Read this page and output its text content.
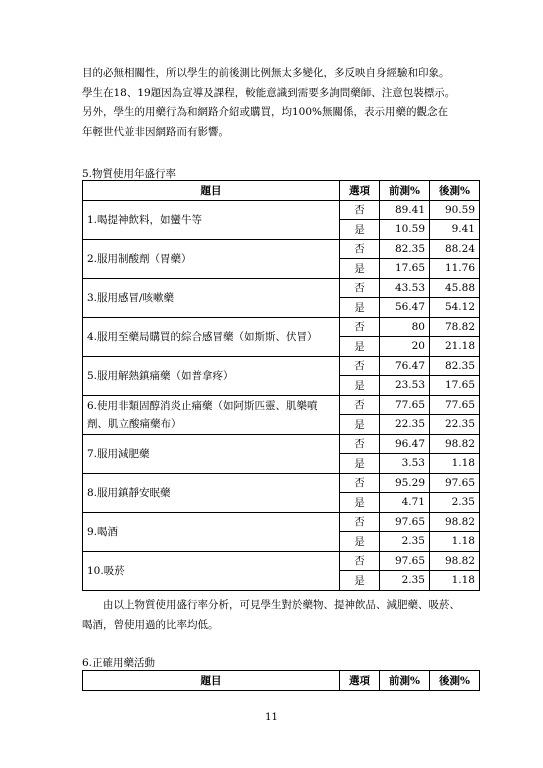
目的必無相關性，所以學生的前後測比例無太多變化，多反映自身經驗和印象。

學生在18、19題因為宣導及課程，較能意識到需要多詢問藥師、注意包裝標示。

另外，學生的用藥行為和網路介紹或購買，均100%無關係，表示用藥的觀念在

年輕世代並非因網路而有影響。

5.物質使用年盛行率
題目	選項	前測%	後測%
1.喝提神飲料，如蠻牛等	否	89.41	90.59
	是	10.59	9.41
2.服用制酸劑（胃藥）	否	82.35	88.24
	是	17.65	11.76
3.服用感冒/咳嗽藥	否	43.53	45.88
	是	56.47	54.12
4.服用至藥局購買的綜合感冒藥（如斯斯、伏冒）	否	80	78.82
	是	20	21.18
5.服用解熱鎮痛藥（如普拿疼）	否	76.47	82.35
	是	23.53	17.65
6.使用非類固醇消炎止痛藥（如阿斯匹靈、肌樂噴劑、肌立酸痛藥布）	否	77.65	77.65
	是	22.35	22.35
7.服用減肥藥	否	96.47	98.82
	是	3.53	1.18
8.服用鎮靜安眠藥	否	95.29	97.65
	是	4.71	2.35
9.喝酒	否	97.65	98.82
	是	2.35	1.18
10.吸菸	否	97.65	98.82
	是	2.35	1.18

由以上物質使用盛行率分析，可見學生對於藥物、提神飲品、減肥藥、吸菸、

喝酒，曾使用過的比率均低。

6.正確用藥活動
題目	選項	前測%	後測%
11
